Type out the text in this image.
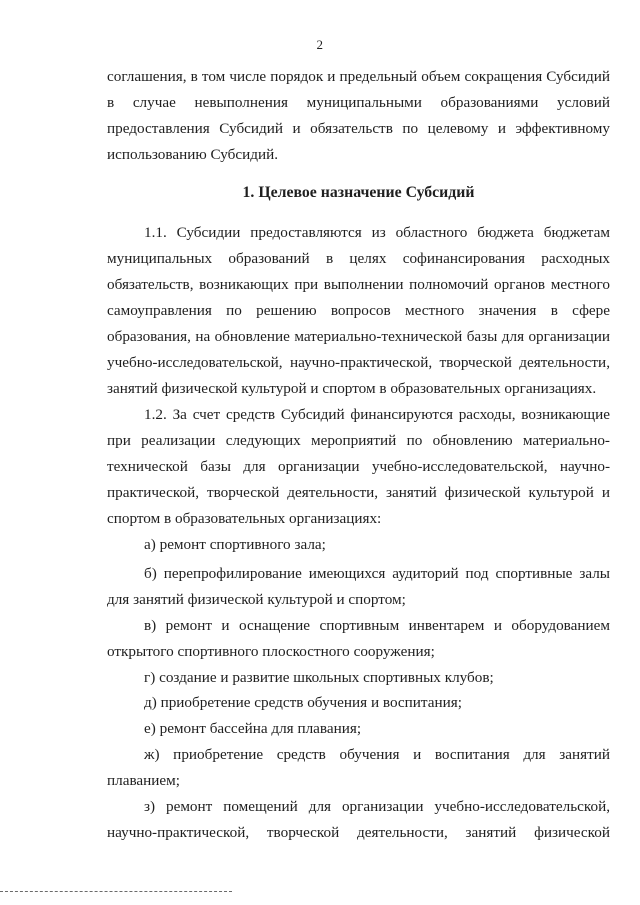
2
соглашения, в том числе порядок и предельный объем сокращения Субсидий
в случае невыполнения муниципальными образованиями условий
предоставления Субсидий и обязательств по целевому и эффективному
использованию Субсидий.
1. Целевое назначение Субсидий
1.1. Субсидии предоставляются из областного бюджета бюджетам
муниципальных образований в целях софинансирования расходных
обязательств, возникающих при выполнении полномочий органов местного
самоуправления по решению вопросов местного значения в сфере
образования, на обновление материально-технической базы для организации
учебно-исследовательской, научно-практической, творческой деятельности,
занятий физической культурой и спортом в образовательных организациях.
1.2. За счет средств Субсидий финансируются расходы, возникающие
при реализации следующих мероприятий по обновлению материально-
технической базы для организации учебно-исследовательской, научно-
практической, творческой деятельности, занятий физической культурой и
спортом в образовательных организациях:
а) ремонт спортивного зала;
б) перепрофилирование имеющихся аудиторий под спортивные залы
для занятий физической культурой и спортом;
в) ремонт и оснащение спортивным инвентарем и оборудованием
открытого спортивного плоскостного сооружения;
г) создание и развитие школьных спортивных клубов;
д) приобретение средств обучения и воспитания;
е) ремонт бассейна для плавания;
ж) приобретение средств обучения и воспитания для занятий
плаванием;
з) ремонт помещений для организации учебно-исследовательской,
научно-практической, творческой деятельности, занятий физической
